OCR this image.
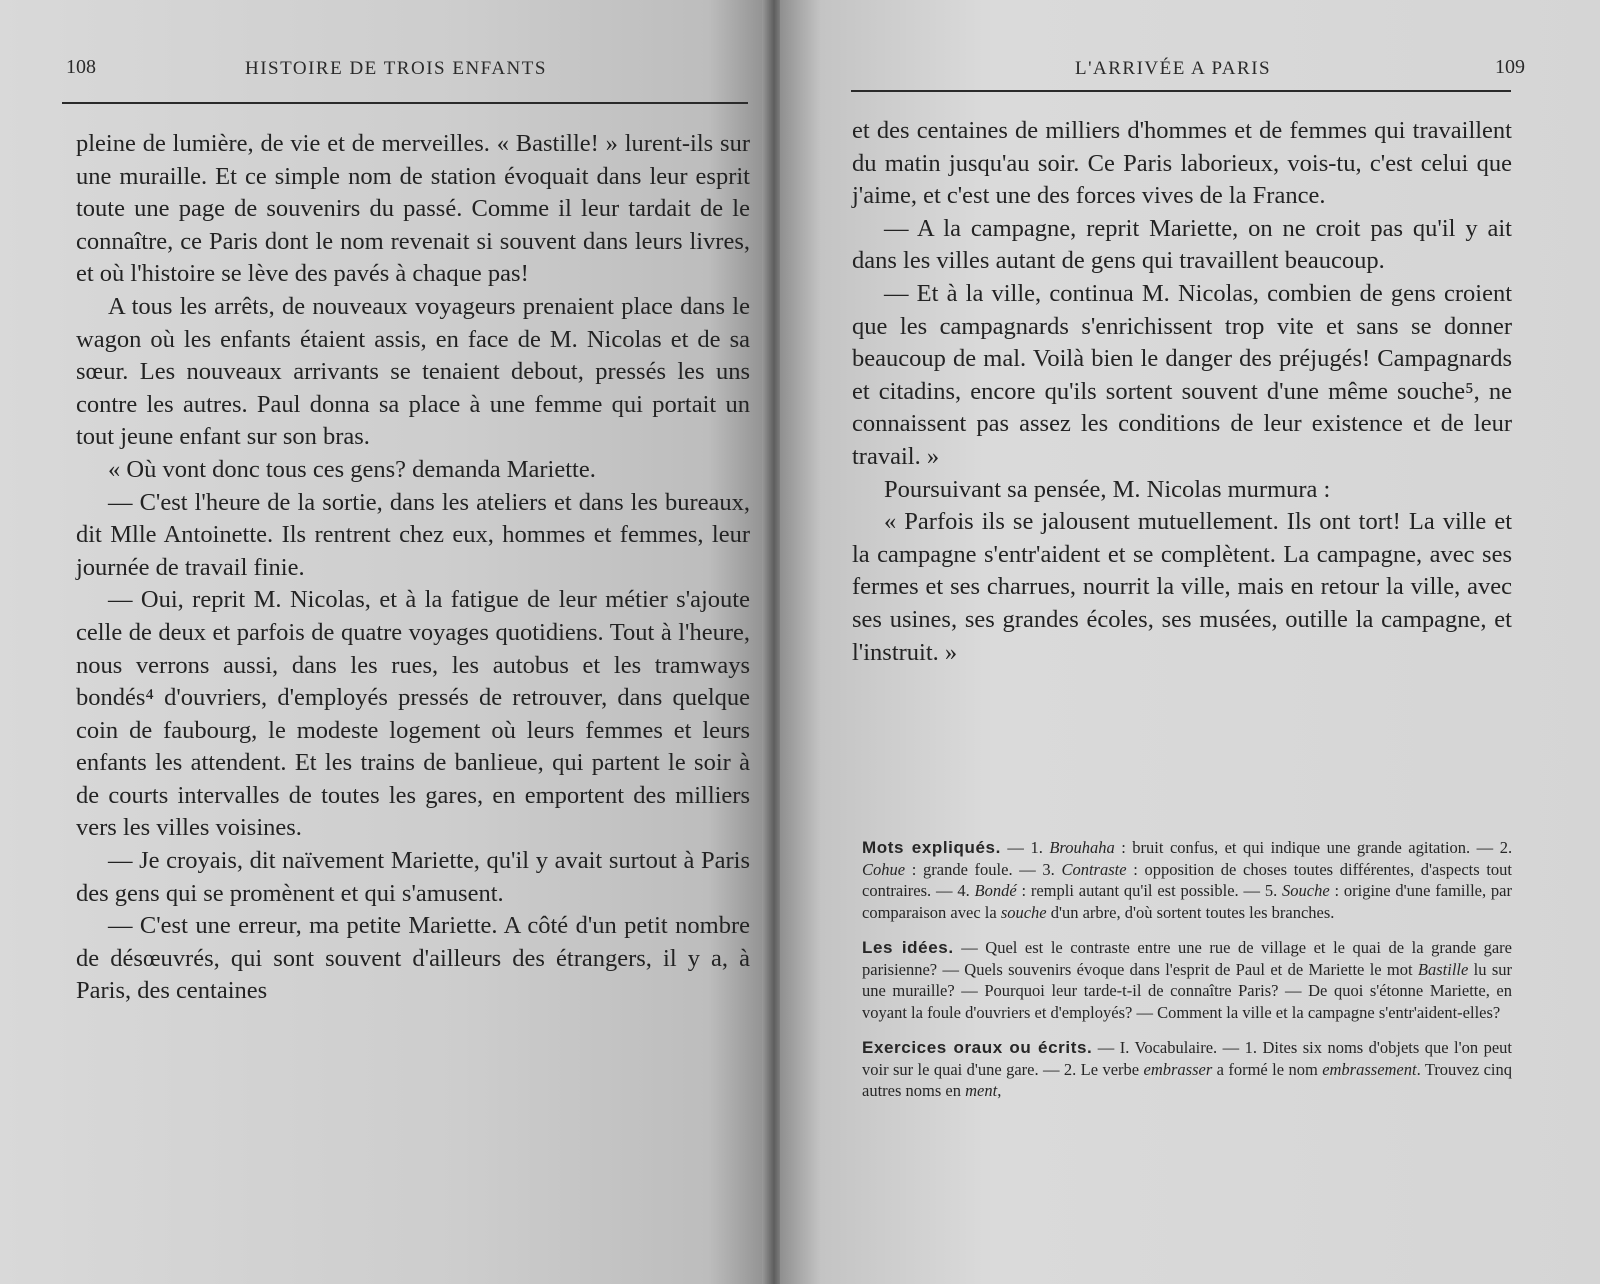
108	HISTOIRE DE TROIS ENFANTS

pleine de lumière, de vie et de merveilles. « Bastille! » lurent-ils sur une muraille. Et ce simple nom de station évoquait dans leur esprit toute une page de souvenirs du passé. Comme il leur tardait de le connaître, ce Paris dont le nom revenait si souvent dans leurs livres, et où l'histoire se lève des pavés à chaque pas!

A tous les arrêts, de nouveaux voyageurs prenaient place dans le wagon où les enfants étaient assis, en face de M. Nicolas et de sa sœur. Les nouveaux arrivants se tenaient debout, pressés les uns contre les autres. Paul donna sa place à une femme qui portait un tout jeune enfant sur son bras.

« Où vont donc tous ces gens? demanda Mariette.

— C'est l'heure de la sortie, dans les ateliers et dans les bureaux, dit Mlle Antoinette. Ils rentrent chez eux, hommes et femmes, leur journée de travail finie.

— Oui, reprit M. Nicolas, et à la fatigue de leur métier s'ajoute celle de deux et parfois de quatre voyages quotidiens. Tout à l'heure, nous verrons aussi, dans les rues, les autobus et les tramways bondés⁴ d'ouvriers, d'employés pressés de retrouver, dans quelque coin de faubourg, le modeste logement où leurs femmes et leurs enfants les attendent. Et les trains de banlieue, qui partent le soir à de courts intervalles de toutes les gares, en emportent des milliers vers les villes voisines.

— Je croyais, dit naïvement Mariette, qu'il y avait surtout à Paris des gens qui se promènent et qui s'amusent.

— C'est une erreur, ma petite Mariette. A côté d'un petit nombre de désœuvrés, qui sont souvent d'ailleurs des étrangers, il y a, à Paris, des centaines

L'ARRIVÉE A PARIS	109

et des centaines de milliers d'hommes et de femmes qui travaillent du matin jusqu'au soir. Ce Paris laborieux, vois-tu, c'est celui que j'aime, et c'est une des forces vives de la France.

— A la campagne, reprit Mariette, on ne croit pas qu'il y ait dans les villes autant de gens qui travaillent beaucoup.

— Et à la ville, continua M. Nicolas, combien de gens croient que les campagnards s'enrichissent trop vite et sans se donner beaucoup de mal. Voilà bien le danger des préjugés! Campagnards et citadins, encore qu'ils sortent souvent d'une même souche⁵, ne connaissent pas assez les conditions de leur existence et de leur travail. »

Poursuivant sa pensée, M. Nicolas murmura :

« Parfois ils se jalousent mutuellement. Ils ont tort! La ville et la campagne s'entr'aident et se complètent. La campagne, avec ses fermes et ses charrues, nourrit la ville, mais en retour la ville, avec ses usines, ses grandes écoles, ses musées, outille la campagne, et l'instruit. »

Mots expliqués. — 1. Brouhaha : bruit confus, et qui indique une grande agitation. — 2. Cohue : grande foule. — 3. Contraste : opposition de choses toutes différentes, d'aspects tout contraires. — 4. Bondé : rempli autant qu'il est possible. — 5. Souche : origine d'une famille, par comparaison avec la souche d'un arbre, d'où sortent toutes les branches.

Les idées. — Quel est le contraste entre une rue de village et le quai de la grande gare parisienne? — Quels souvenirs évoque dans l'esprit de Paul et de Mariette le mot Bastille lu sur une muraille? — Pourquoi leur tarde-t-il de connaître Paris? — De quoi s'étonne Mariette, en voyant la foule d'ouvriers et d'employés? — Comment la ville et la campagne s'entr'aident-elles?

Exercices oraux ou écrits. — I. Vocabulaire. — 1. Dites six noms d'objets que l'on peut voir sur le quai d'une gare. — 2. Le verbe embrasser a formé le nom embrassement. Trouvez cinq autres noms en ment,
